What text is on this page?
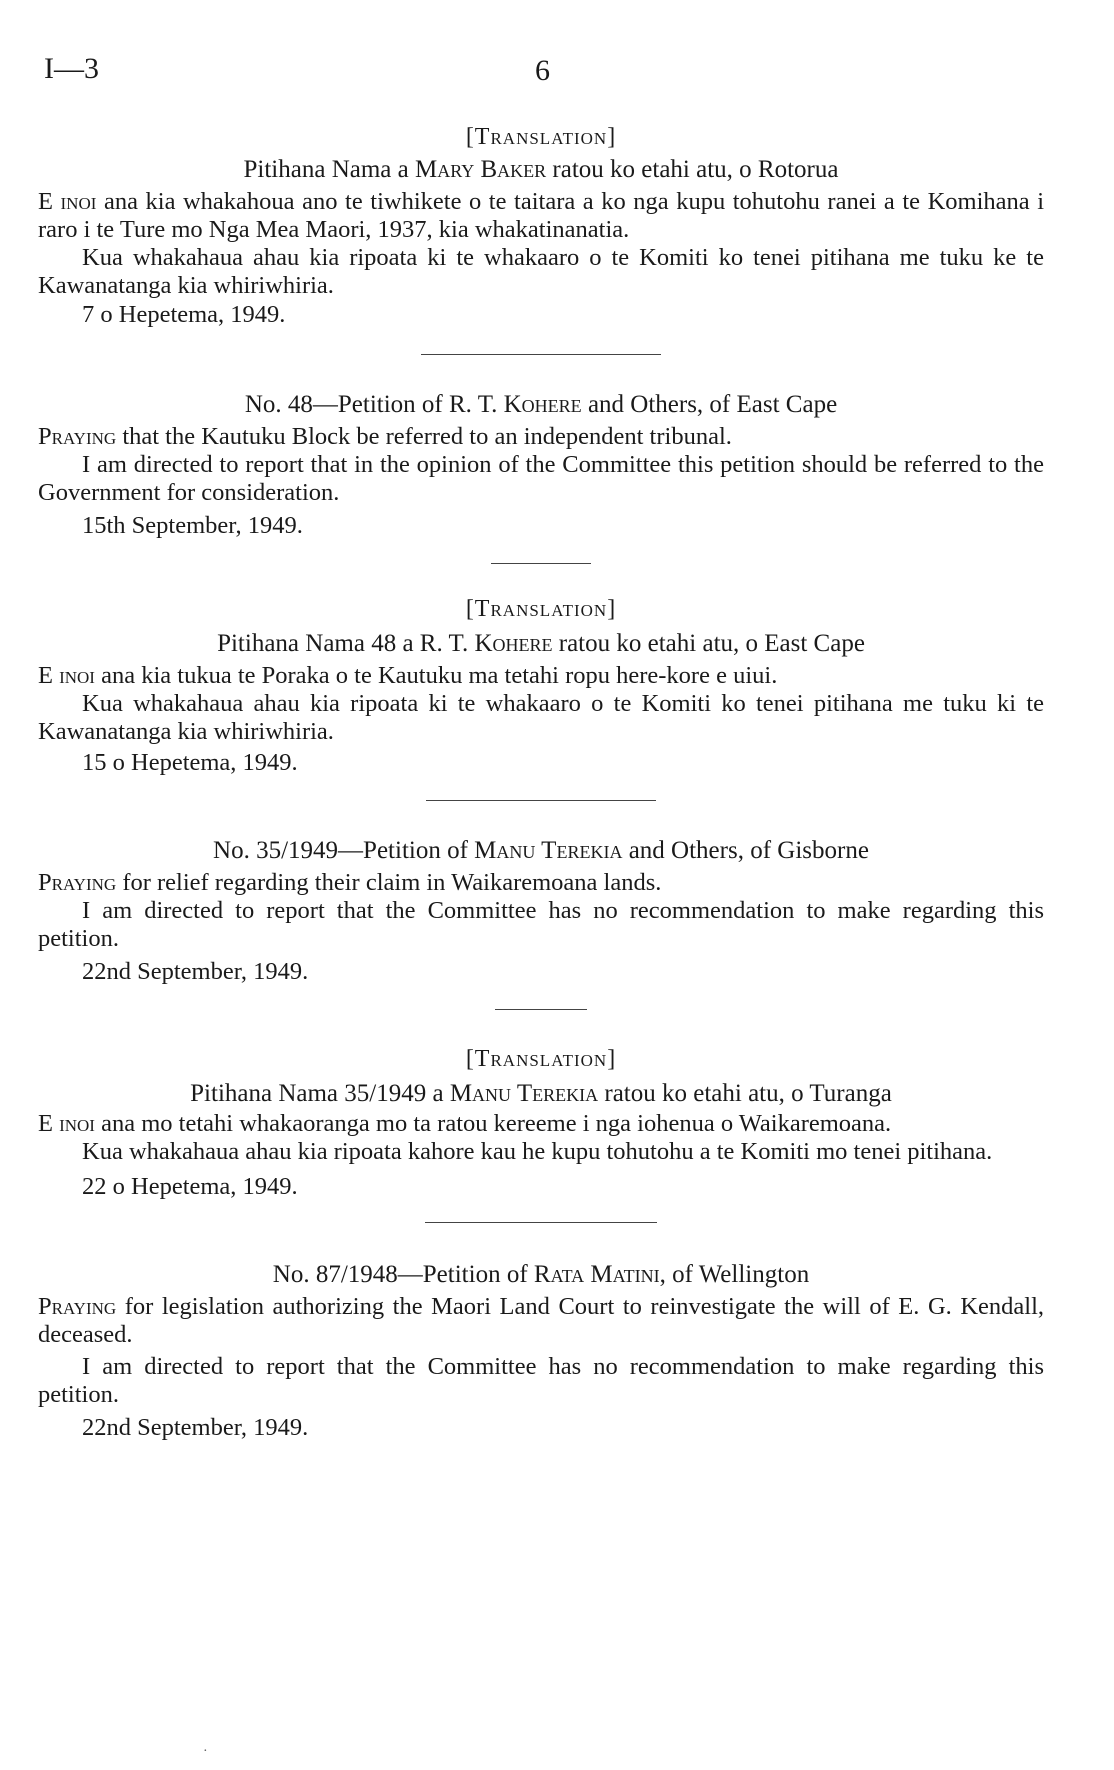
I—3	6

[Translation]

Pitihana Nama a Mary Baker ratou ko etahi atu, o Rotorua

E inoi ana kia whakahoua ano te tiwhikete o te taitara a ko nga kupu tohutohu ranei a te Komihana i raro i te Ture mo Nga Mea Maori, 1937, kia whakatinanatia.

Kua whakahaua ahau kia ripoata ki te whakaaro o te Komiti ko tenei pitihana me tuku ke te Kawanatanga kia whiriwhiria.

7 o Hepetema, 1949.

No. 48—Petition of R. T. Kohere and Others, of East Cape

Praying that the Kautuku Block be referred to an independent tribunal.

I am directed to report that in the opinion of the Committee this petition should be referred to the Government for consideration.

15th September, 1949.

[Translation]

Pitihana Nama 48 a R. T. Kohere ratou ko etahi atu, o East Cape

E inoi ana kia tukua te Poraka o te Kautuku ma tetahi ropu here-kore e uiui.

Kua whakahaua ahau kia ripoata ki te whakaaro o te Komiti ko tenei pitihana me tuku ki te Kawanatanga kia whiriwhiria.

15 o Hepetema, 1949.

No. 35/1949—Petition of Manu Terekia and Others, of Gisborne

Praying for relief regarding their claim in Waikaremoana lands.

I am directed to report that the Committee has no recommendation to make regarding this petition.

22nd September, 1949.

[Translation]

Pitihana Nama 35/1949 a Manu Terekia ratou ko etahi atu, o Turanga

E inoi ana mo tetahi whakaoranga mo ta ratou kereeme i nga iohenua o Waikaremoana.

Kua whakahaua ahau kia ripoata kahore kau he kupu tohutohu a te Komiti mo tenei pitihana.

22 o Hepetema, 1949.

No. 87/1948—Petition of Rata Matini, of Wellington

Praying for legislation authorizing the Maori Land Court to reinvestigate the will of E. G. Kendall, deceased.

I am directed to report that the Committee has no recommendation to make regarding this petition.

22nd September, 1949.

·
